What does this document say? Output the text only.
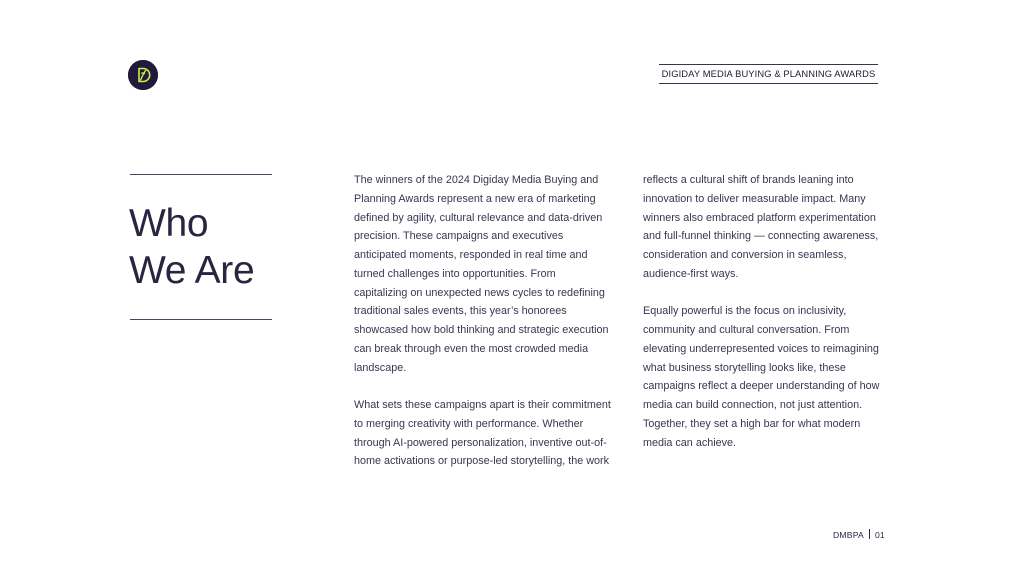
DIGIDAY MEDIA BUYING & PLANNING AWARDS
Who
We Are

The winners of the 2024 Digiday Media Buying and
Planning Awards represent a new era of marketing
defined by agility, cultural relevance and data-driven
precision. These campaigns and executives
anticipated moments, responded in real time and
turned challenges into opportunities. From
capitalizing on unexpected news cycles to redefining
traditional sales events, this year’s honorees
showcased how bold thinking and strategic execution
can break through even the most crowded media
landscape.

What sets these campaigns apart is their commitment
to merging creativity with performance. Whether
through AI-powered personalization, inventive out-of-
home activations or purpose-led storytelling, the work

reflects a cultural shift of brands leaning into
innovation to deliver measurable impact. Many
winners also embraced platform experimentation
and full-funnel thinking — connecting awareness,
consideration and conversion in seamless,
audience-first ways.

Equally powerful is the focus on inclusivity,
community and cultural conversation. From
elevating underrepresented voices to reimagining
what business storytelling looks like, these
campaigns reflect a deeper understanding of how
media can build connection, not just attention.
Together, they set a high bar for what modern
media can achieve.

DMBPA 01
